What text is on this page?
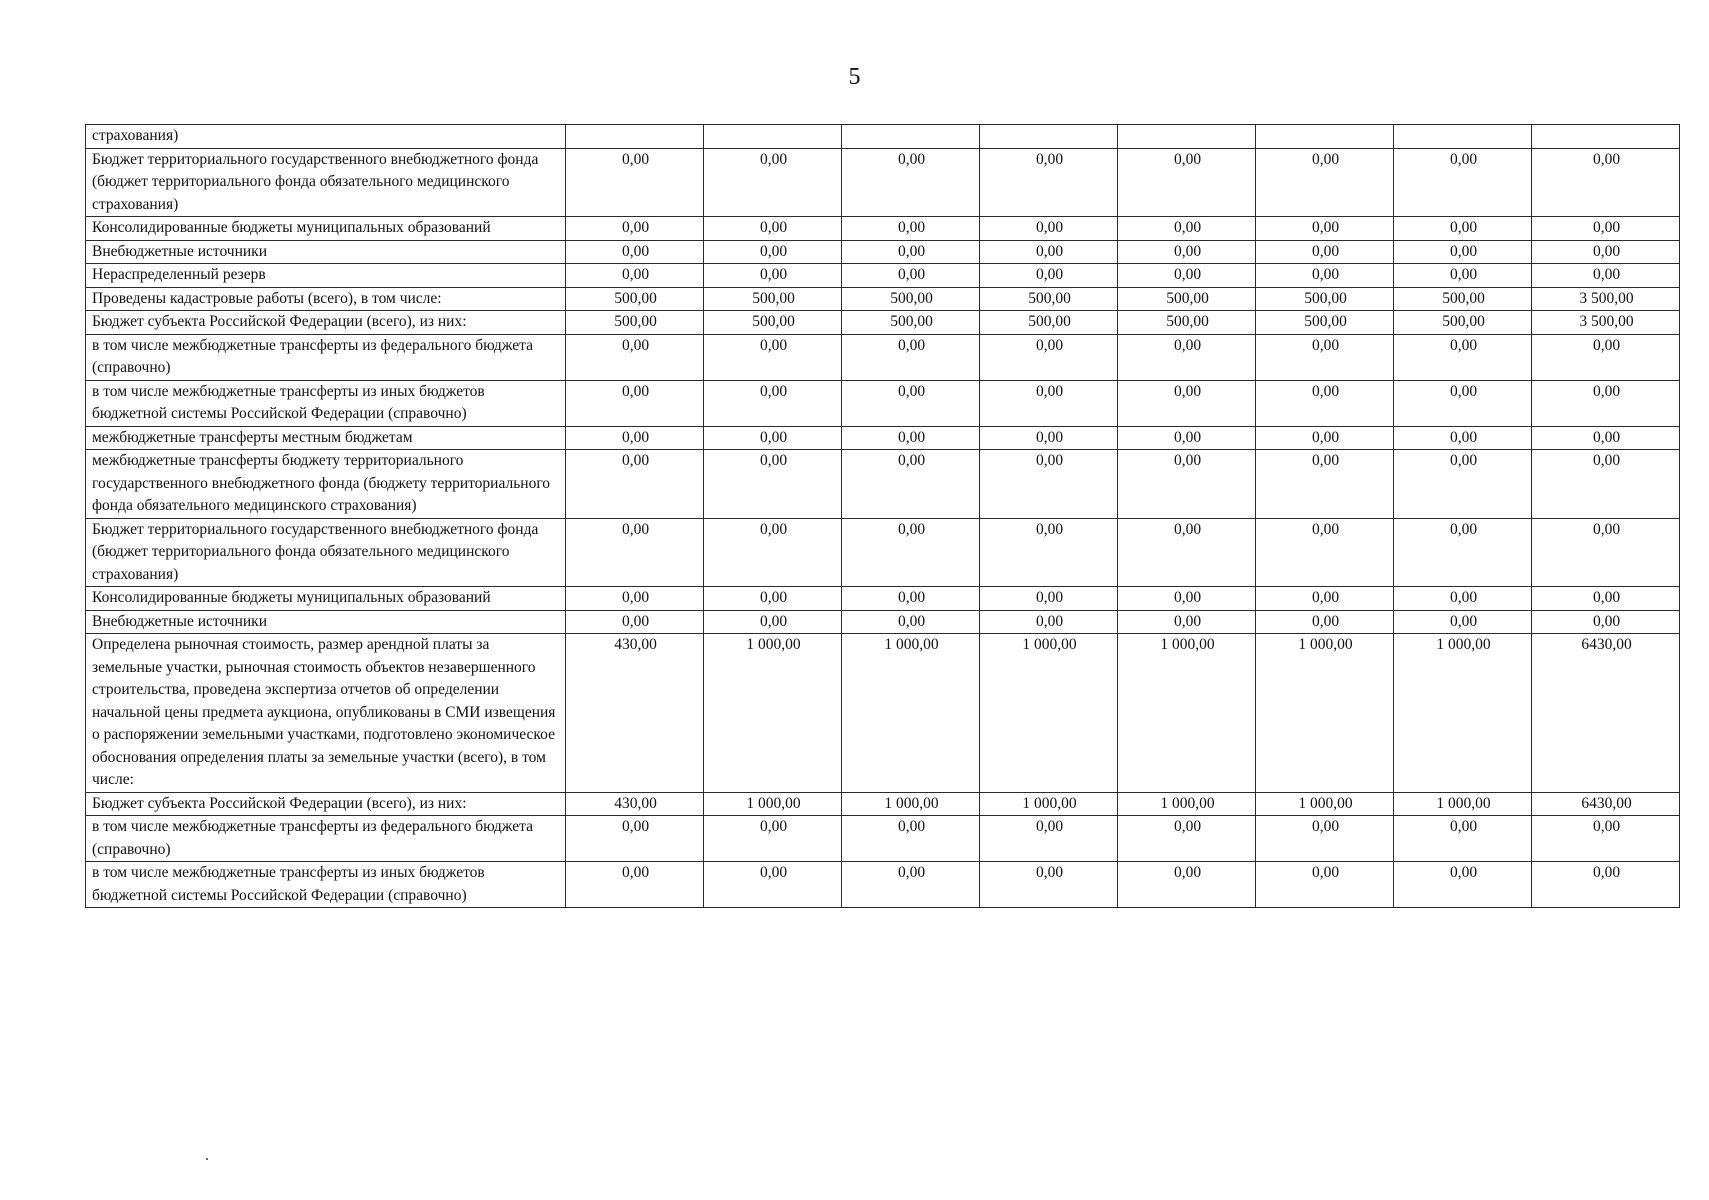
5
страхования)								
Бюджет территориального государственного внебюджетного фонда (бюджет территориального фонда обязательного медицинского страхования)	0,00	0,00	0,00	0,00	0,00	0,00	0,00	0,00
Консолидированные бюджеты муниципальных образований	0,00	0,00	0,00	0,00	0,00	0,00	0,00	0,00
Внебюджетные источники	0,00	0,00	0,00	0,00	0,00	0,00	0,00	0,00
Нераспределенный резерв	0,00	0,00	0,00	0,00	0,00	0,00	0,00	0,00
Проведены кадастровые работы (всего), в том числе:	500,00	500,00	500,00	500,00	500,00	500,00	500,00	3 500,00
Бюджет субъекта Российской Федерации (всего), из них:	500,00	500,00	500,00	500,00	500,00	500,00	500,00	3 500,00
в том числе межбюджетные трансферты из федерального бюджета (справочно)	0,00	0,00	0,00	0,00	0,00	0,00	0,00	0,00
в том числе межбюджетные трансферты из иных бюджетов бюджетной системы Российской Федерации (справочно)	0,00	0,00	0,00	0,00	0,00	0,00	0,00	0,00
межбюджетные трансферты местным бюджетам	0,00	0,00	0,00	0,00	0,00	0,00	0,00	0,00
межбюджетные трансферты бюджету территориального государственного внебюджетного фонда (бюджету территориального фонда обязательного медицинского страхования)	0,00	0,00	0,00	0,00	0,00	0,00	0,00	0,00
Бюджет территориального государственного внебюджетного фонда (бюджет территориального фонда обязательного медицинского страхования)	0,00	0,00	0,00	0,00	0,00	0,00	0,00	0,00
Консолидированные бюджеты муниципальных образований	0,00	0,00	0,00	0,00	0,00	0,00	0,00	0,00
Внебюджетные источники	0,00	0,00	0,00	0,00	0,00	0,00	0,00	0,00
Определена рыночная стоимость, размер арендной платы за земельные участки, рыночная стоимость объектов незавершенного строительства, проведена экспертиза отчетов об определении начальной цены предмета аукциона, опубликованы в СМИ извещения о распоряжении земельными участками, подготовлено экономическое обоснования определения платы за земельные участки (всего), в том числе:	430,00	1 000,00	1 000,00	1 000,00	1 000,00	1 000,00	1 000,00	6430,00
Бюджет субъекта Российской Федерации (всего), из них:	430,00	1 000,00	1 000,00	1 000,00	1 000,00	1 000,00	1 000,00	6430,00
в том числе межбюджетные трансферты из федерального бюджета (справочно)	0,00	0,00	0,00	0,00	0,00	0,00	0,00	0,00
в том числе межбюджетные трансферты из иных бюджетов бюджетной системы Российской Федерации (справочно)	0,00	0,00	0,00	0,00	0,00	0,00	0,00	0,00
